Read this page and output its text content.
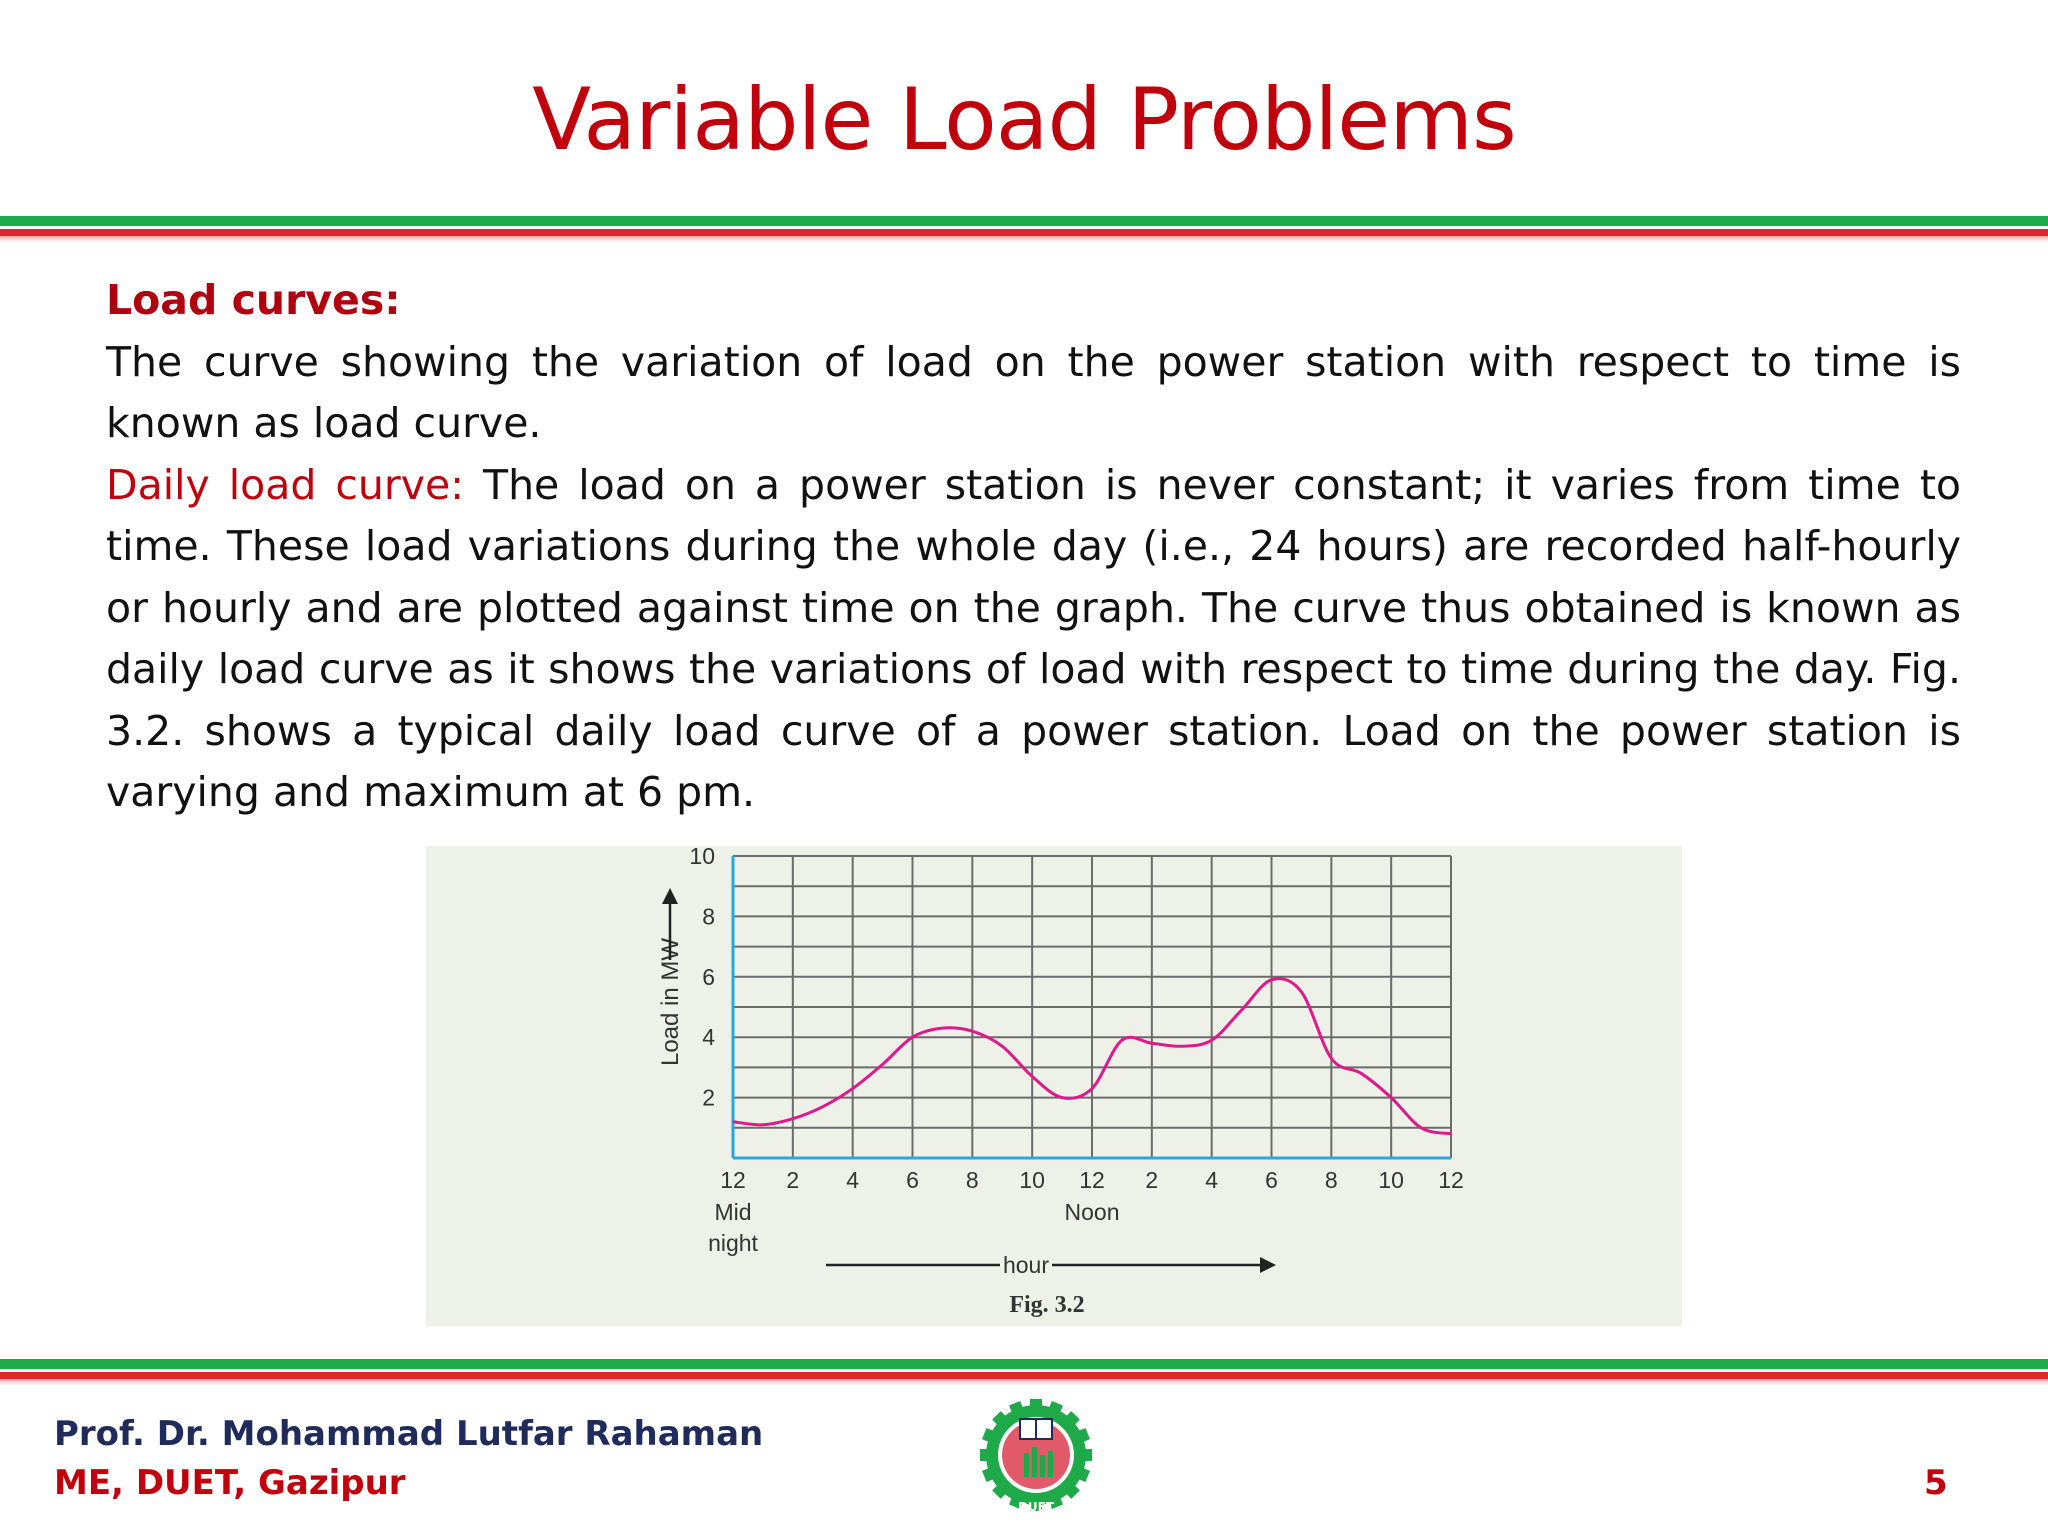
Variable Load Problems

Load curves:

The curve showing the variation of load on the power station with respect to time is known as load curve.

Daily load curve: The load on a power station is never constant; it varies from time to time. These load variations during the whole day (i.e., 24 hours) are recorded half-hourly or hourly and are plotted against time on the graph. The curve thus obtained is known as daily load curve as it shows the variations of load with respect to time during the day. Fig. 3.2. shows a typical daily load curve of a power station. Load on the power station is varying and maximum at 6 pm.

2
4
6
8
10
12 2 4 6 8 10 12 2 4 6 8 10 12
Mid
night
Noon
Load in MW
hour
Fig. 3.2
Prof. Dr. Mohammad Lutfar Rahaman
ME, DUET, Gazipur	5
DUET
